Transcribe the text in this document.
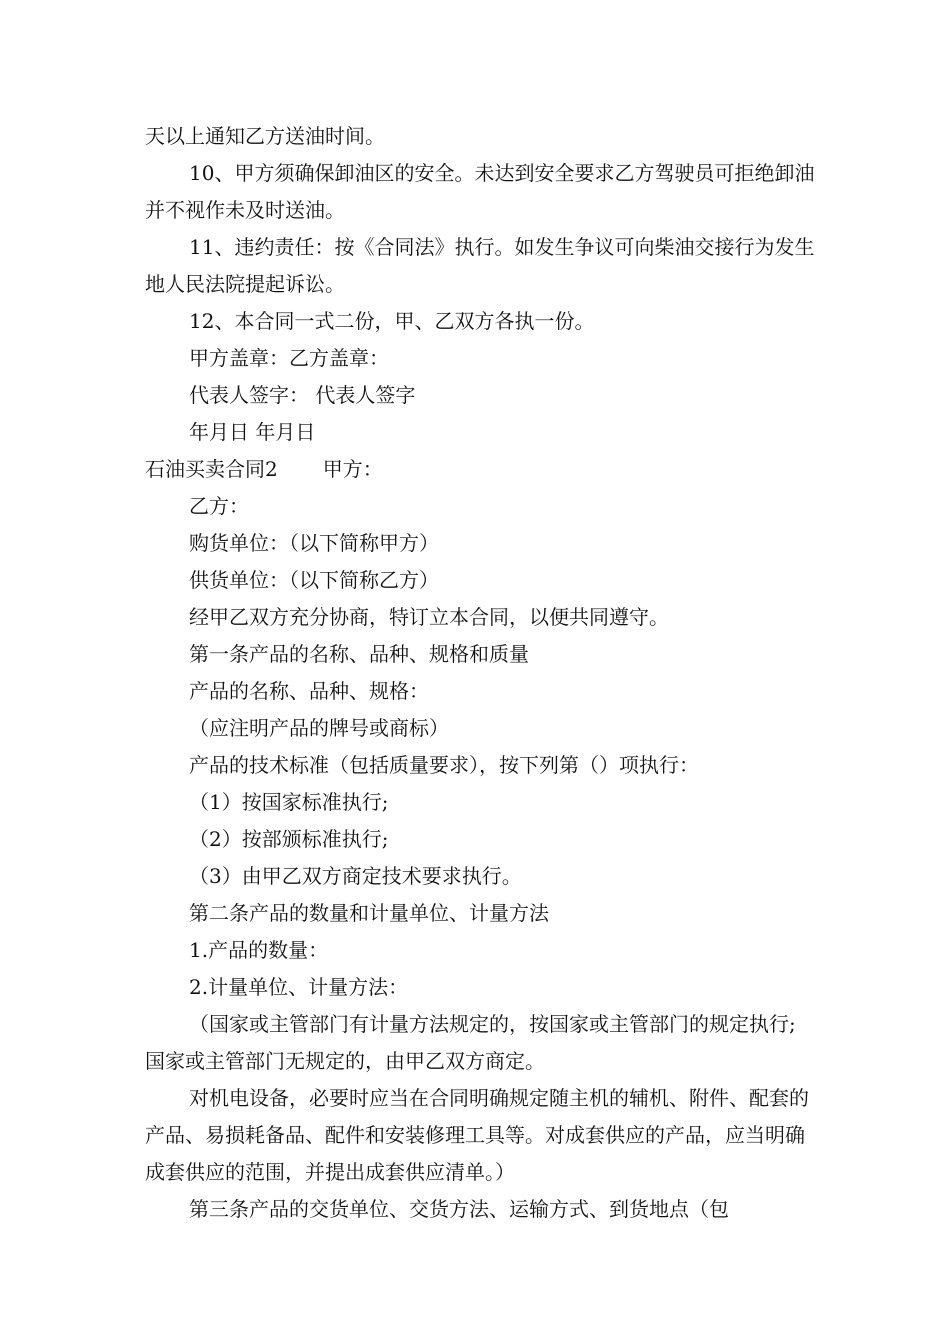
天以上通知乙方送油时间。

10、甲方须确保卸油区的安全。未达到安全要求乙方驾驶员可拒绝卸油并不视作未及时送油。

11、违约责任：按《合同法》执行。如发生争议可向柴油交接行为发生地人民法院提起诉讼。

12、本合同一式二份，甲、乙双方各执一份。

甲方盖章：乙方盖章：

代表人签字： 代表人签字

年月日 年月日

石油买卖合同2 甲方：

乙方：

购货单位：（以下简称甲方）

供货单位：（以下简称乙方）

经甲乙双方充分协商，特订立本合同，以便共同遵守。

第一条产品的名称、品种、规格和质量

产品的名称、品种、规格：

（应注明产品的牌号或商标）

产品的技术标准（包括质量要求），按下列第（）项执行：

（1）按国家标准执行;

（2）按部颁标准执行;

（3）由甲乙双方商定技术要求执行。

第二条产品的数量和计量单位、计量方法

1.产品的数量：

2.计量单位、计量方法：

（国家或主管部门有计量方法规定的，按国家或主管部门的规定执行;国家或主管部门无规定的，由甲乙双方商定。

对机电设备，必要时应当在合同明确规定随主机的辅机、附件、配套的产品、易损耗备品、配件和安装修理工具等。对成套供应的产品，应当明确成套供应的范围，并提出成套供应清单。）

第三条产品的交货单位、交货方法、运输方式、到货地点（包
